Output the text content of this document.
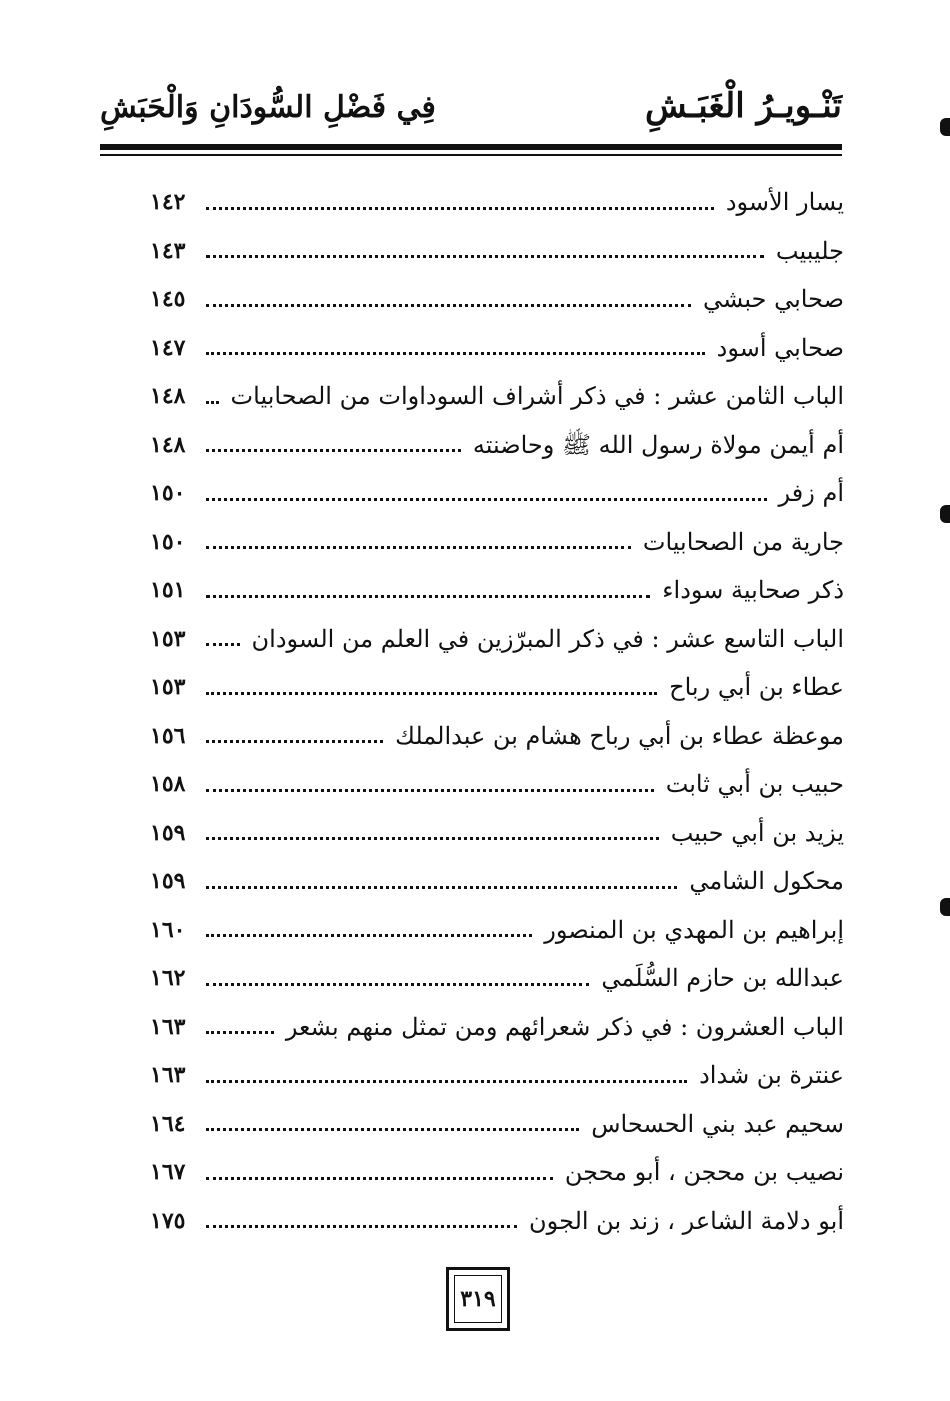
تَنْـويـرُ الْغَبَـشِ
فِي فَضْلِ السُّودَانِ وَالْحَبَشِ
يسار الأسود
١٤٢
جليبيب
١٤٣
صحابي حبشي
١٤٥
صحابي أسود
١٤٧
الباب الثامن عشر : في ذكر أشراف السوداوات من الصحابيات
١٤٨
أم أيمن مولاة رسول الله ﷺ وحاضنته
١٤٨
أم زفر
١٥٠
جارية من الصحابيات
١٥٠
ذكر صحابية سوداء
١٥١
الباب التاسع عشر : في ذكر المبرّزين في العلم من السودان
١٥٣
عطاء بن أبي رباح
١٥٣
موعظة عطاء بن أبي رباح هشام بن عبدالملك
١٥٦
حبيب بن أبي ثابت
١٥٨
يزيد بن أبي حبيب
١٥٩
محكول الشامي
١٥٩
إبراهيم بن المهدي بن المنصور
١٦٠
عبدالله بن حازم السُّلَمي
١٦٢
الباب العشرون : في ذكر شعرائهم ومن تمثل منهم بشعر
١٦٣
عنترة بن شداد
١٦٣
سحيم عبد بني الحسحاس
١٦٤
نصيب بن محجن ، أبو محجن
١٦٧
أبو دلامة الشاعر ، زند بن الجون
١٧٥
٣١٩
